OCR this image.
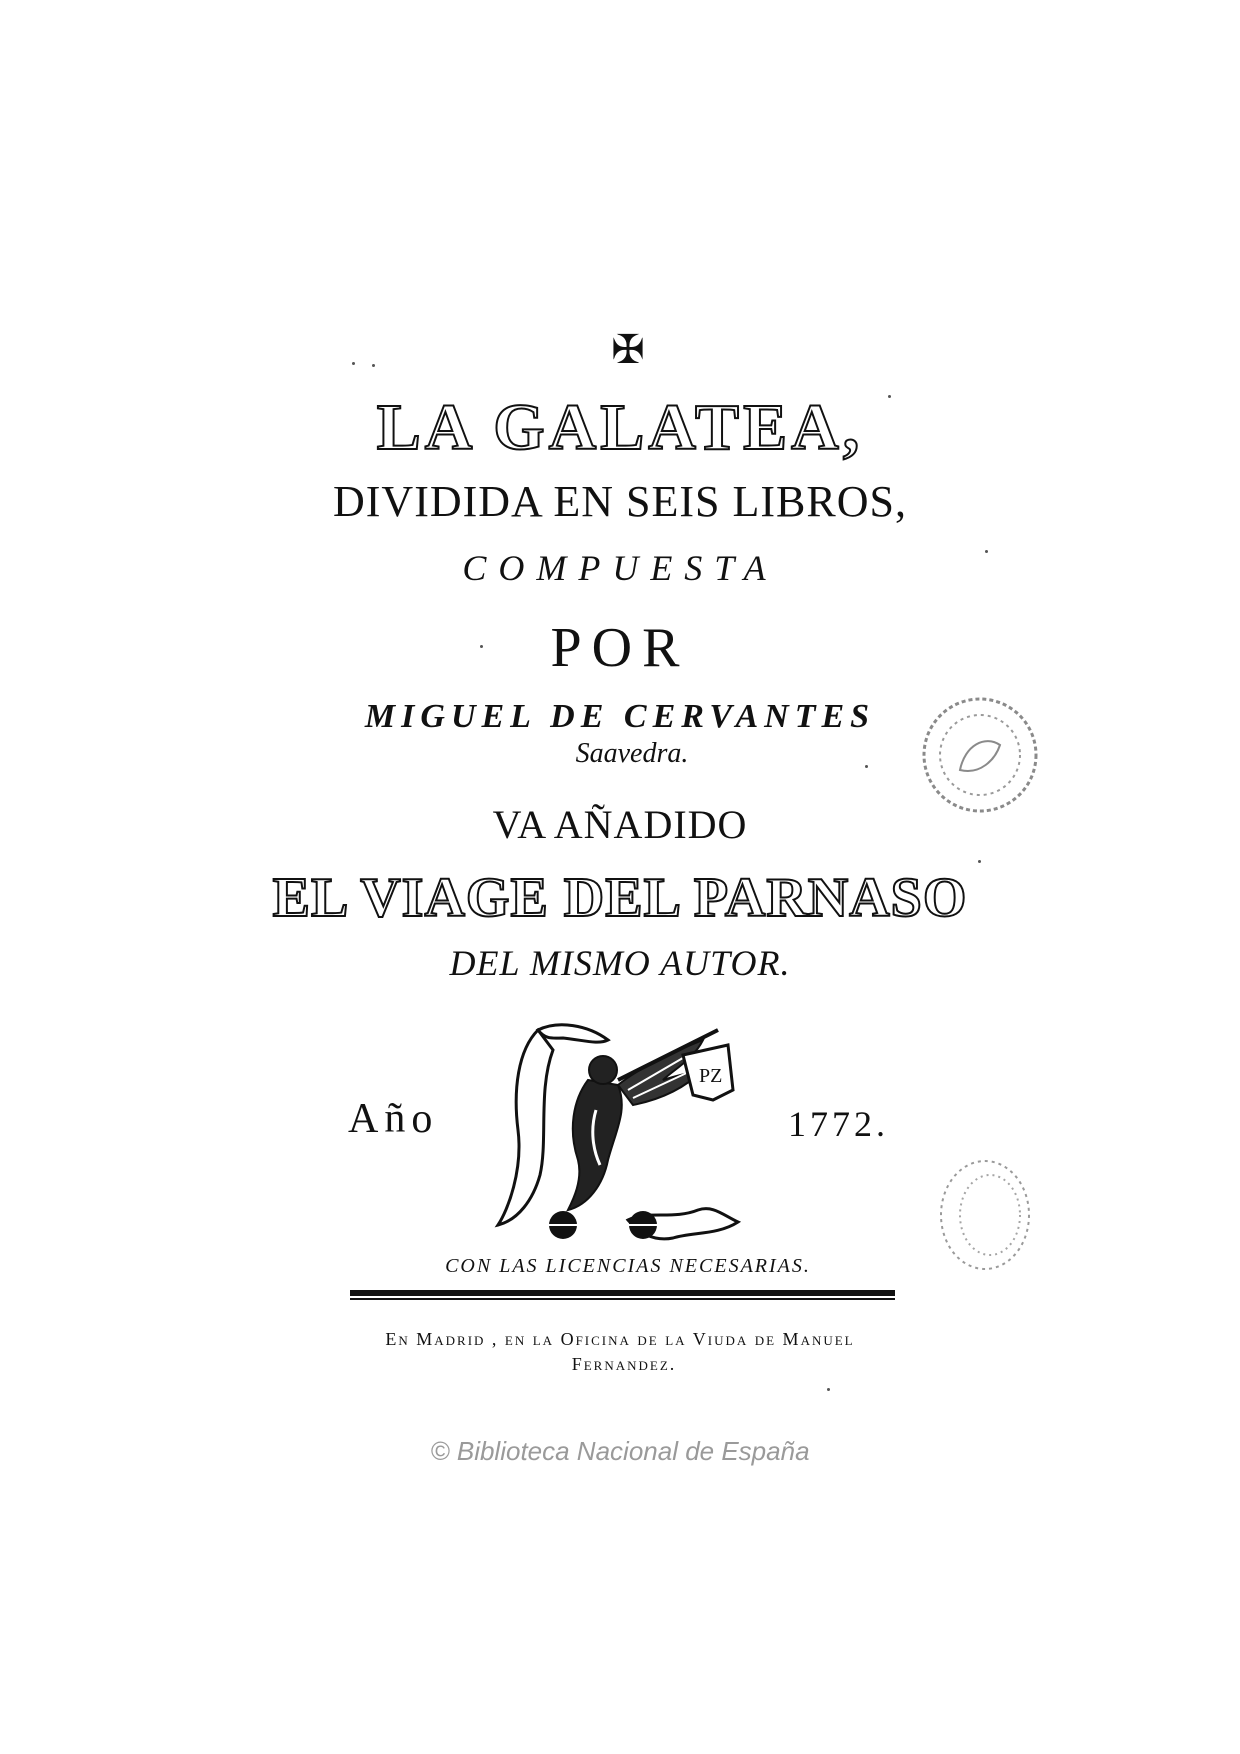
✠
LA GALATEA,
DIVIDIDA EN SEIS LIBROS,
COMPUESTA
POR
MIGUEL DE CERVANTES
Saavedra.
VA AÑADIDO
EL VIAGE DEL PARNASO
DEL MISMO AUTOR.
Año
PZ
1772.
CON LAS LICENCIAS NECESARIAS.
En Madrid , en la Oficina de la Viuda de Manuel
Fernandez.
© Biblioteca Nacional de España
